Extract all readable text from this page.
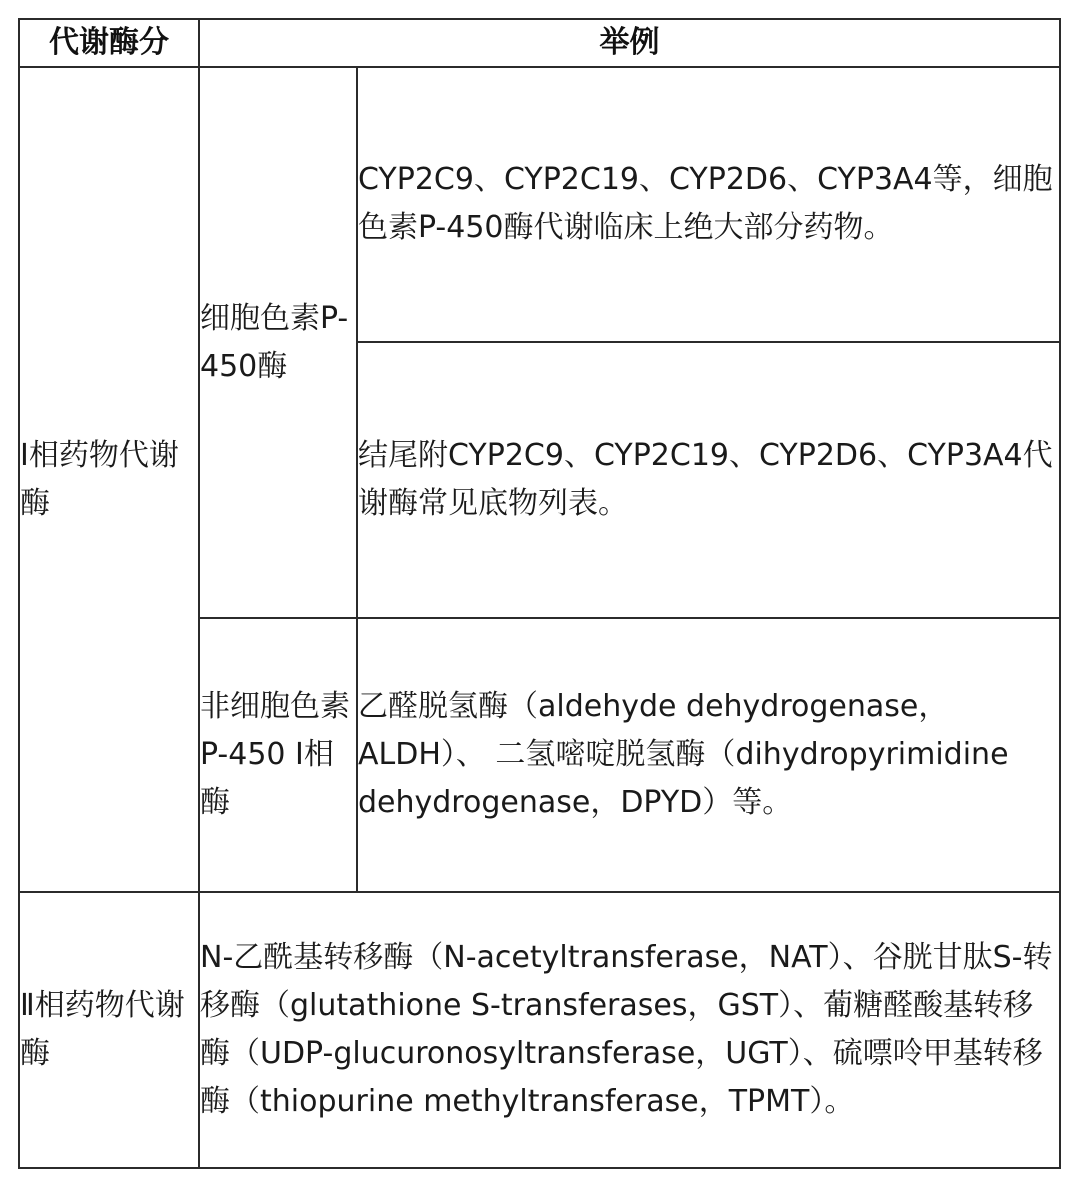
代谢酶分	举例	
Ⅰ相药物代谢酶	细胞色素P-450酶	CYP2C9、CYP2C19、CYP2D6、CYP3A4等，细胞色素P-450酶代谢临床上绝大部分药物。
		结尾附CYP2C9、CYP2C19、CYP2D6、CYP3A4代谢酶常见底物列表。
	非细胞色素P-450 Ⅰ相酶	乙醛脱氢酶（aldehyde dehydrogenase，ALDH）、 二氢嘧啶脱氢酶（dihydropyrimidine dehydrogenase，DPYD）等。
Ⅱ相药物代谢酶	N-乙酰基转移酶（N-acetyltransferase，NAT）、谷胱甘肽S-转移酶（glutathione S-transferases，GST）、葡糖醛酸基转移酶（UDP-glucuronosyltransferase，UGT）、硫嘌呤甲基转移酶（thiopurine methyltransferase，TPMT）。	
